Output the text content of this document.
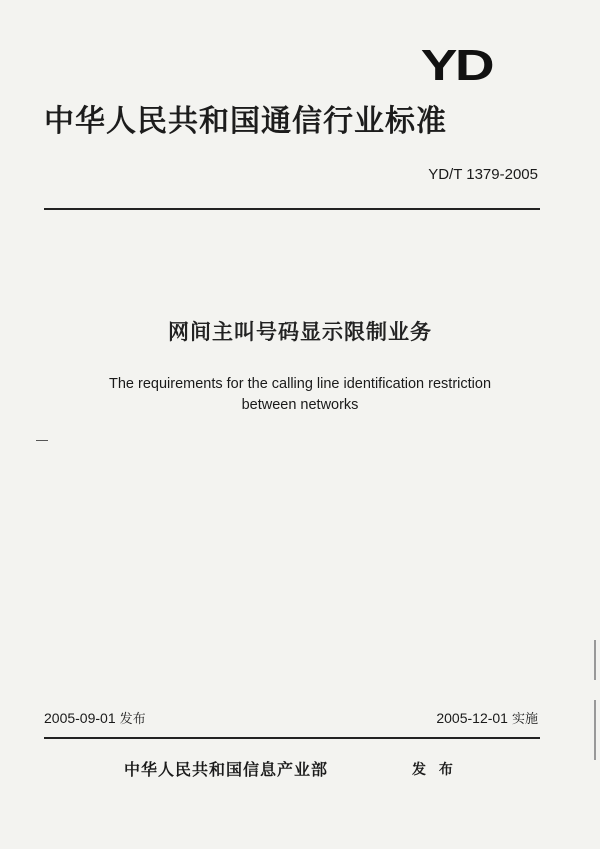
YD
中华人民共和国通信行业标准
YD/T 1379-2005
网间主叫号码显示限制业务
The requirements for the calling line identification restriction
between networks
2005-09-01 发布	2005-12-01 实施
中华人民共和国信息产业部	发 布
